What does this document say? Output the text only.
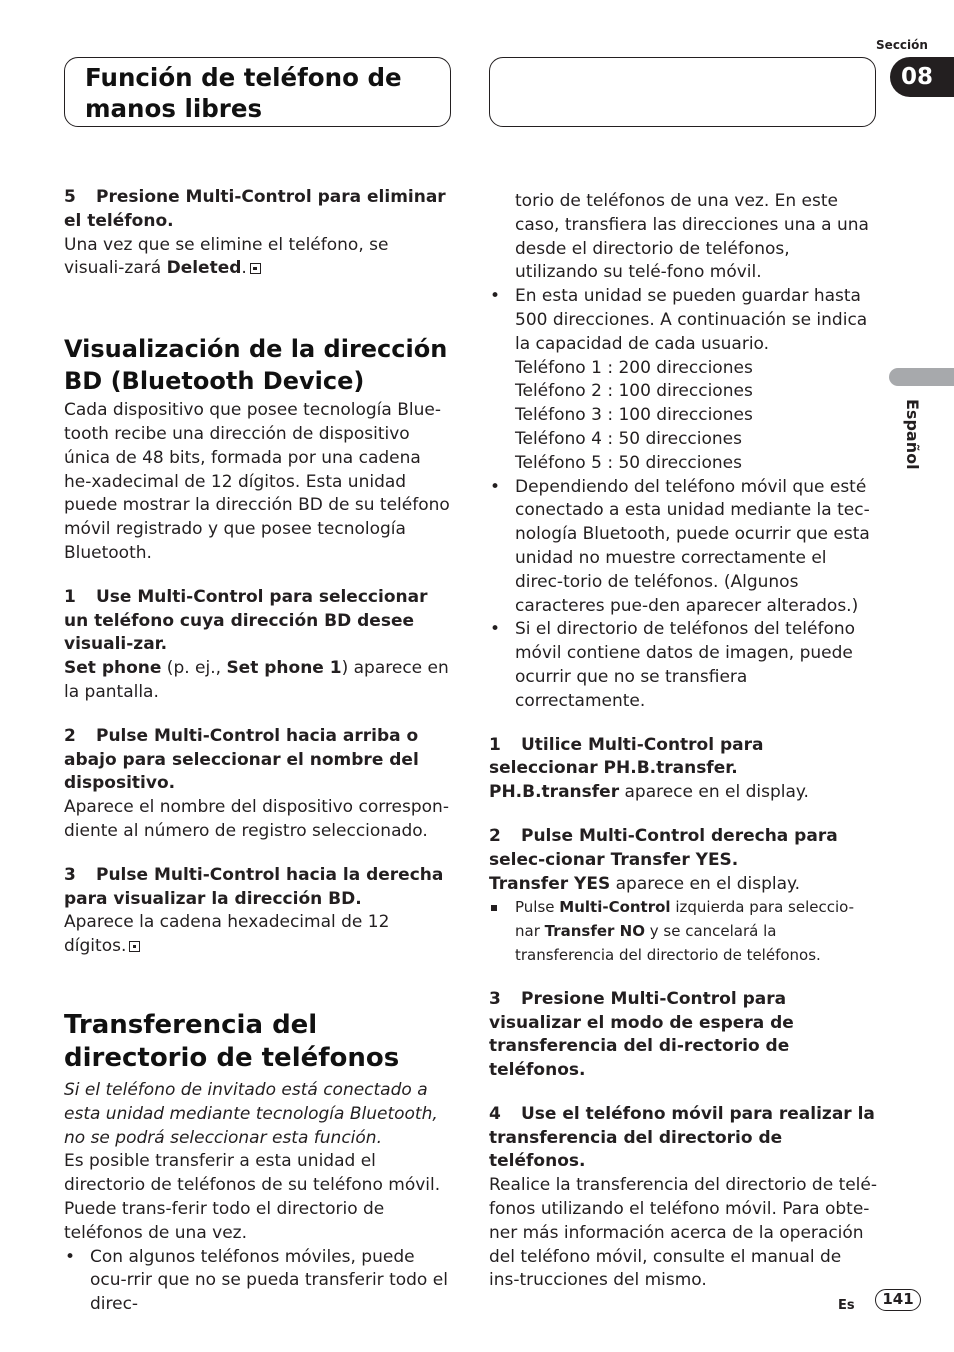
Función de teléfono de manos libres
Sección
08
Español

5 Presione Multi-Control para eliminar el teléfono.

Una vez que se elimine el teléfono, se visuali-zará Deleted.

Visualización de la dirección BD (Bluetooth Device)

Cada dispositivo que posee tecnología Blue-tooth recibe una dirección de dispositivo única de 48 bits, formada por una cadena he-xadecimal de 12 dígitos. Esta unidad puede mostrar la dirección BD de su teléfono móvil registrado y que posee tecnología Bluetooth.

1 Use Multi-Control para seleccionar un teléfono cuya dirección BD desee visuali-zar.

Set phone (p. ej., Set phone 1) aparece en la pantalla.

2 Pulse Multi-Control hacia arriba o abajo para seleccionar el nombre del dispositivo.

Aparece el nombre del dispositivo correspon-diente al número de registro seleccionado.

3 Pulse Multi-Control hacia la derecha para visualizar la dirección BD.

Aparece la cadena hexadecimal de 12 dígitos.

Transferencia del directorio de teléfonos

Si el teléfono de invitado está conectado a esta unidad mediante tecnología Bluetooth, no se podrá seleccionar esta función.

Es posible transferir a esta unidad el directorio de teléfonos de su teléfono móvil. Puede trans-ferir todo el directorio de teléfonos de una vez.

• Con algunos teléfonos móviles, puede ocu-rrir que no se pueda transferir todo el direc-

torio de teléfonos de una vez. En este caso, transfiera las direcciones una a una desde el directorio de teléfonos, utilizando su telé-fono móvil.

• En esta unidad se pueden guardar hasta 500 direcciones. A continuación se indica la capacidad de cada usuario.
Teléfono 1 : 200 direcciones
Teléfono 2 : 100 direcciones
Teléfono 3 : 100 direcciones
Teléfono 4 : 50 direcciones
Teléfono 5 : 50 direcciones
• Dependiendo del teléfono móvil que esté conectado a esta unidad mediante la tec-nología Bluetooth, puede ocurrir que esta unidad no muestre correctamente el direc-torio de teléfonos. (Algunos caracteres pue-den aparecer alterados.)
• Si el directorio de teléfonos del teléfono móvil contiene datos de imagen, puede ocurrir que no se transfiera correctamente.

1 Utilice Multi-Control para seleccionar PH.B.transfer.

PH.B.transfer aparece en el display.

2 Pulse Multi-Control derecha para selec-cionar Transfer YES.

Transfer YES aparece en el display.

Pulse Multi-Control izquierda para seleccio-nar Transfer NO y se cancelará la transferencia del directorio de teléfonos.

3 Presione Multi-Control para visualizar el modo de espera de transferencia del di-rectorio de teléfonos.

4 Use el teléfono móvil para realizar la transferencia del directorio de teléfonos.

Realice la transferencia del directorio de telé-fonos utilizando el teléfono móvil. Para obte-ner más información acerca de la operación del teléfono móvil, consulte el manual de ins-trucciones del mismo.

Es	141
